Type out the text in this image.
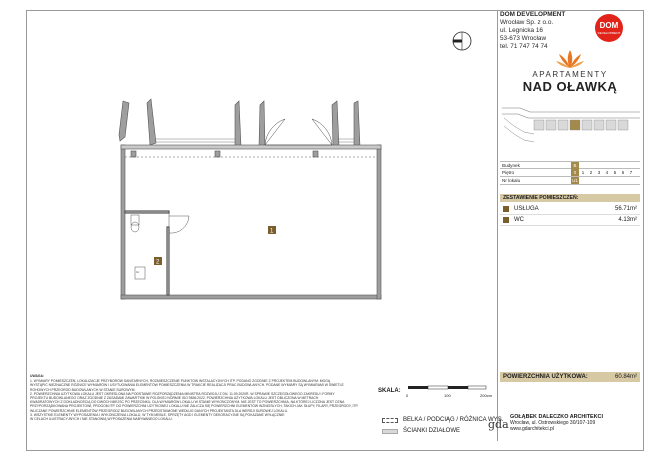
Gr
1
2
UWAGA:
1. WYMIARY POMIESZCZEŃ, LOKALIZACJE PRZYBORÓW SANITARNYCH, ROZMIESZCZENIE PUNKTÓW INSTALACYJNYCH ITP. PODANO ZGODNIE Z PROJEKTEM BUDOWLANYM. MOGĄ
WYSTĄPIĆ NIEZNACZNE RÓŻNICE WYMIARÓW I USYTUOWANIA ELEMENTÓW POMIESZCZENIA W TRAKCIE REALIZACJI PRAC BUDOWLANYCH. PODANE WYMIARY SĄ WYMIARAMI W ŚWIETLE
ROHOWYCH PRZEGRÓD BUDOWLANYCH W STANIE SUROWYM.
2. POWIERZCHNIA UŻYTKOWA LOKALU JEST OKREŚLONA NA PODSTAWIE ROZPORZĄDZENIA MINISTRA ROZWOJU Z DN. 11.09.2020R. W SPRAWIE SZCZEGÓŁOWEGO ZAKRESU I FORMY
PROJEKTU BUDOWLANEGO ORAZ ZGODNIE Z ZASADAMI ZAWARTYMI W POLSKIEJ NORMIE ISO 9836:2022. POWIERZCHNIA UŻYTKOWA LOKALU JEST OBLICZONA W METRACH
KWADRATOWYCH Z DOKŁADNOŚCIĄ DO DWÓCH MIEJSC PO PRZECINKU, DLA WYMIARÓW LOKALU W STANIE WYKOŃCZONYM. NIE JEST TO POWIERZCHNIA, NA KTÓREJ LICZONA JEST CENA
PRZYPORZĄDKOWANA PROJEKTOWI, PROGOM ITP. DO POWIERZCHNI UŻYTKOWEJ LOKALU NIE ZALICZA SIĘ POWIERZCHNI ELEMENTÓW WZNIOSŁYCH, TAKICH JAK SŁUPY, FILARY, PRZEGRODY, ITP.
WLICZANE POWIERZCHNIE ELEMENTÓW PRZEGRODZ BUDOWLANYCH PRZEDSTAWIONE WEDŁUG DANYCH PROJEKTANTA DLA WERSJI SUROWEJ LOKALU.
3. WSZYSTKIE ELEMENTY WYPOSAŻENIA I WYKOŃCZENIA LOKALU, W TYM MEBLE, SPRZĘTY AGD I ELEMENTY DEKORACYJNE SĄ POKAZANE WYŁĄCZNIE
W CELACH ILUSTRACYJNYCH I NIE STANOWIĄ WYPOSAŻENIA NABYWANEGO LOKALU.
SKALA:
0	100	200cm
BELKA / PODCIĄG / RÓŻNICA WYS.
ŚCIANKI DZIAŁOWE
DOM DEVELOPMENT
Wrocław Sp. z o.o.
ul. Legnicka 16
53-673 Wrocław
tel. 71 747 74 74
DOM
DEVELOPMENT
APARTAMENTY
NAD OŁAWKĄ
Budynek	B
Piętro	0	1	2	3	4	5	6	7
Nr lokalu	U1
ZESTAWIENIE POMIESZCZEŃ:
USŁUGA	56.71m²
WC	4.13m²
POWIERZCHNIA UŻYTKOWA:	60.84m²
gda
GOŁĄBEK DALECZKO ARCHITEKCI
Wrocław, ul. Ostrowskiego 30/107-109
www.gdarchitekci.pl
